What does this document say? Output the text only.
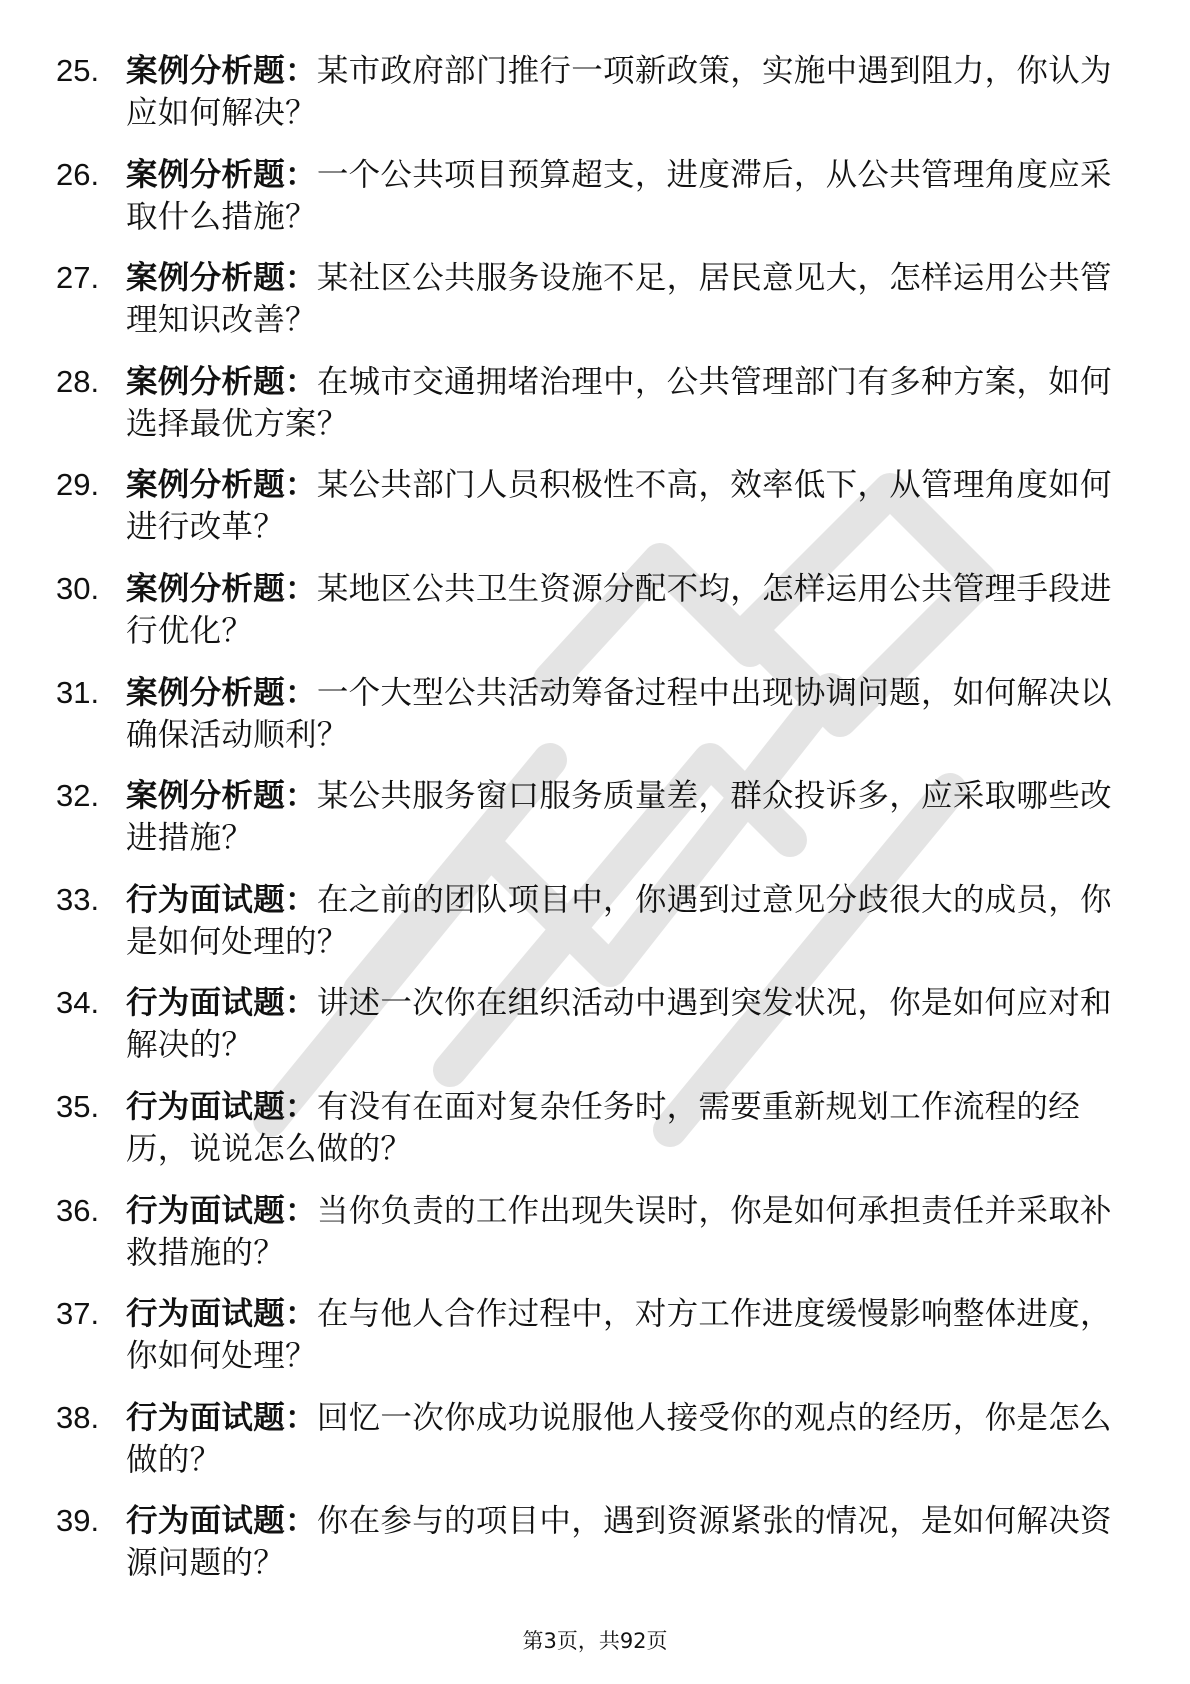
25. 案例分析题：某市政府部门推行一项新政策，实施中遇到阻力，你认为应如何解决？
26. 案例分析题：一个公共项目预算超支，进度滞后，从公共管理角度应采取什么措施？
27. 案例分析题：某社区公共服务设施不足，居民意见大，怎样运用公共管理知识改善？
28. 案例分析题：在城市交通拥堵治理中，公共管理部门有多种方案，如何选择最优方案？
29. 案例分析题：某公共部门人员积极性不高，效率低下，从管理角度如何进行改革？
30. 案例分析题：某地区公共卫生资源分配不均，怎样运用公共管理手段进行优化？
31. 案例分析题：一个大型公共活动筹备过程中出现协调问题，如何解决以确保活动顺利？
32. 案例分析题：某公共服务窗口服务质量差，群众投诉多，应采取哪些改进措施？
33. 行为面试题：在之前的团队项目中，你遇到过意见分歧很大的成员，你是如何处理的？
34. 行为面试题：讲述一次你在组织活动中遇到突发状况，你是如何应对和解决的？
35. 行为面试题：有没有在面对复杂任务时，需要重新规划工作流程的经历，说说怎么做的？
36. 行为面试题：当你负责的工作出现失误时，你是如何承担责任并采取补救措施的？
37. 行为面试题：在与他人合作过程中，对方工作进度缓慢影响整体进度，你如何处理？
38. 行为面试题：回忆一次你成功说服他人接受你的观点的经历，你是怎么做的？
39. 行为面试题：你在参与的项目中，遇到资源紧张的情况，是如何解决资源问题的？
第3页，共92页
